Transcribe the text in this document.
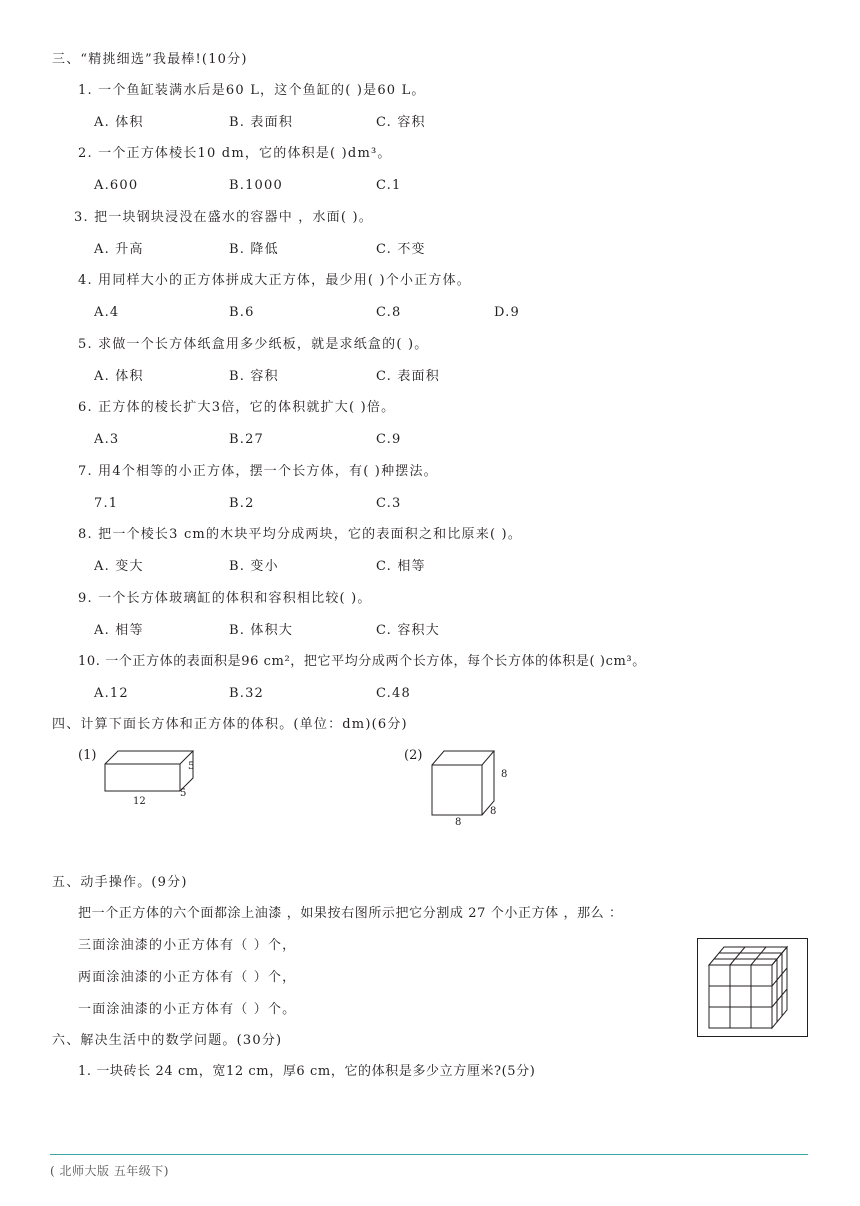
三、“精挑细选”我最棒!(10分)
1. 一个鱼缸装满水后是60 L，这个鱼缸的( )是60 L。
A. 体积	B. 表面积	C. 容积
2. 一个正方体棱长10 dm，它的体积是( )dm³。
A.600	B.1000	C.1
3. 把一块钢块浸没在盛水的容器中 ，水面( )。
A. 升高	B. 降低	C. 不变
4. 用同样大小的正方体拼成大正方体，最少用( )个小正方体。
A.4	B.6	C.8	D.9
5. 求做一个长方体纸盒用多少纸板，就是求纸盒的( )。
A. 体积	B. 容积	C. 表面积
6. 正方体的棱长扩大3倍，它的体积就扩大( )倍。
A.3	B.27	C.9
7. 用4个相等的小正方体，摆一个长方体，有( )种摆法。
7.1	B.2	C.3
8. 把一个棱长3 cm的木块平均分成两块，它的表面积之和比原来( )。
A. 变大	B. 变小	C. 相等
9. 一个长方体玻璃缸的体积和容积相比较( )。
A. 相等	B. 体积大	C. 容积大
10. 一个正方体的表面积是96 cm²，把它平均分成两个长方体，每个长方体的体积是( )cm³。
A.12	B.32	C.48
四、计算下面长方体和正方体的体积。(单位：dm)(6分)
(1)
5
5
12
(2)
8
8
8
五、动手操作。(9分)
把一个正方体的六个面都涂上油漆 ，如果按右图所示把它分割成 27 个小正方体 ，那么 ：
三面涂油漆的小正方体有（ ）个，
两面涂油漆的小正方体有（ ）个，
一面涂油漆的小正方体有（ ）个。
六、解决生活中的数学问题。(30分)
1. 一块砖长 24 cm，宽12 cm，厚6 cm，它的体积是多少立方厘米?(5分)
( 北师大版 五年级下)
